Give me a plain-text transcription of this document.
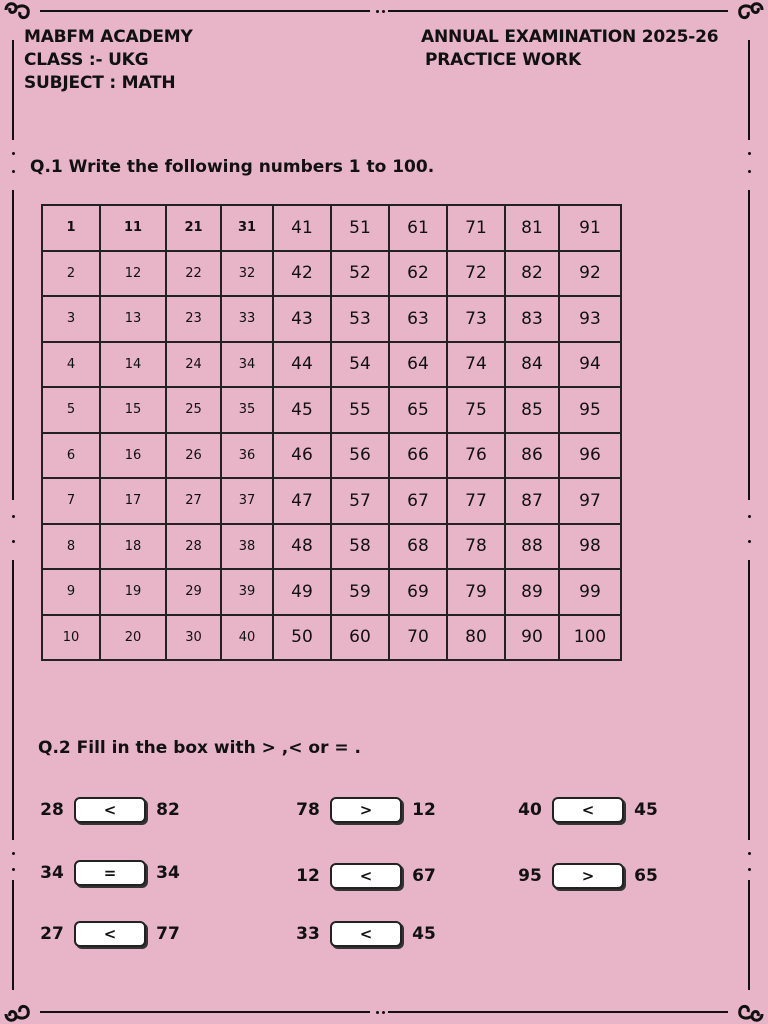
MABFM ACADEMY
CLASS :- UKG
SUBJECT : MATH
ANNUAL EXAMINATION 2025-26
PRACTICE WORK
Q.1 Write the following numbers 1 to 100.
1	11	21	31	41	51	61	71	81	91
2	12	22	32	42	52	62	72	82	92
3	13	23	33	43	53	63	73	83	93
4	14	24	34	44	54	64	74	84	94
5	15	25	35	45	55	65	75	85	95
6	16	26	36	46	56	66	76	86	96
7	17	27	37	47	57	67	77	87	97
8	18	28	38	48	58	68	78	88	98
9	19	29	39	49	59	69	79	89	99
10	20	30	40	50	60	70	80	90	100
Q.2 Fill in the box with > ,< or = .
28	<	82	78	>	12	40	<	45
34	=	34	12	<	67	95	>	65
27	<	77	33	<	45
